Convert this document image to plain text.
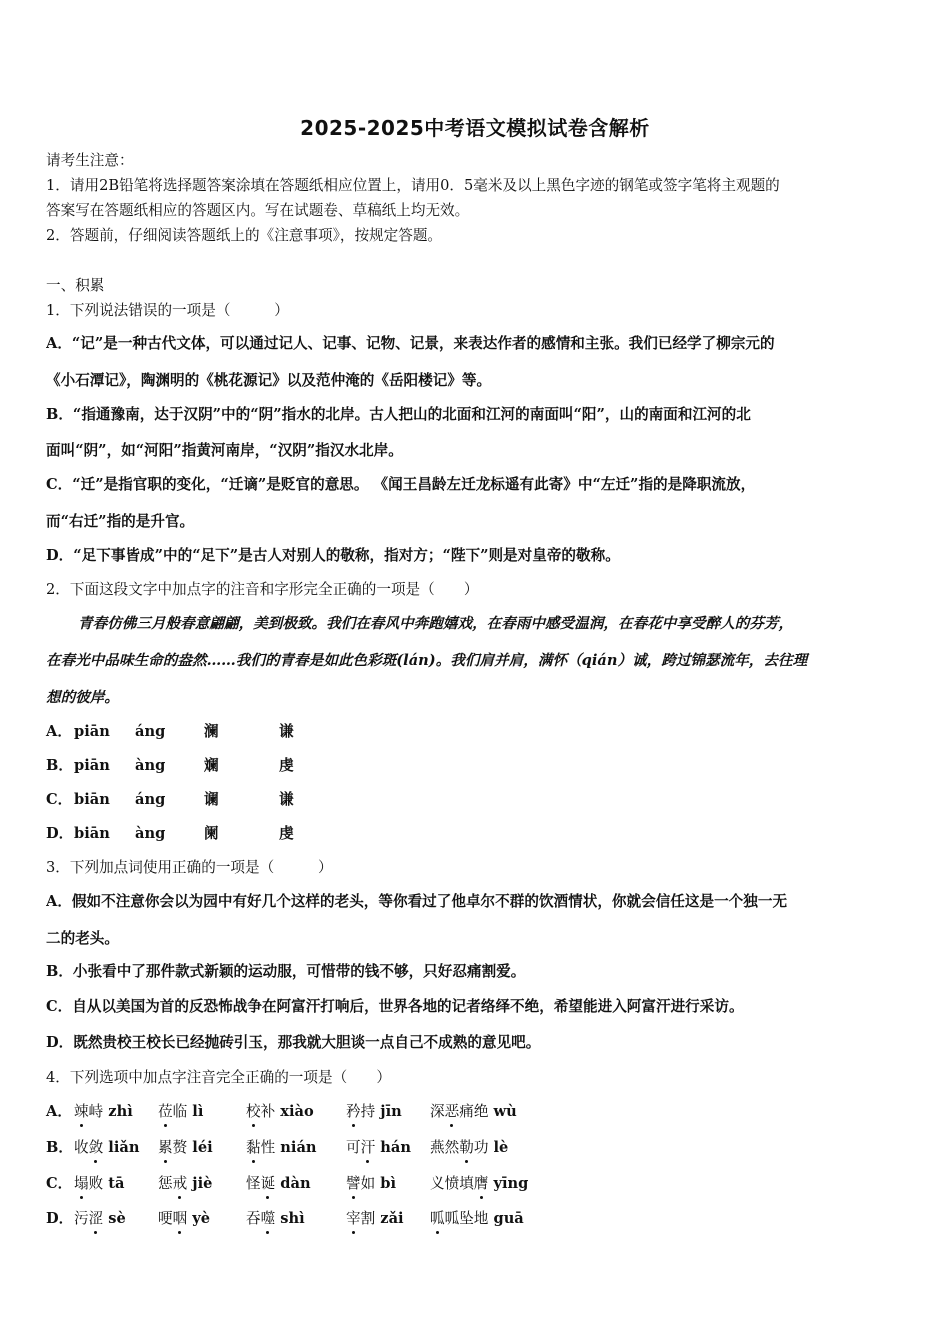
2025-2025中考语文模拟试卷含解析
请考生注意：
1．请用2B铅笔将选择题答案涂填在答题纸相应位置上，请用0．5毫米及以上黑色字迹的钢笔或签字笔将主观题的
答案写在答题纸相应的答题区内。写在试题卷、草稿纸上均无效。
2．答题前，仔细阅读答题纸上的《注意事项》，按规定答题。
一、积累
1．下列说法错误的一项是（　　　）
A．“记”是一种古代文体，可以通过记人、记事、记物、记景，来表达作者的感情和主张。我们已经学了柳宗元的
《小石潭记》，陶渊明的《桃花源记》以及范仲淹的《岳阳楼记》等。
B．“指通豫南，达于汉阴”中的“阴”指水的北岸。古人把山的北面和江河的南面叫“阳”，山的南面和江河的北
面叫“阴”，如“河阳”指黄河南岸，“汉阴”指汉水北岸。
C．“迁”是指官职的变化，“迁谪”是贬官的意思。 《闻王昌龄左迁龙标遥有此寄》中“左迁”指的是降职流放，
而“右迁”指的是升官。
D．“足下事皆成”中的“足下”是古人对别人的敬称，指对方；“陛下”则是对皇帝的敬称。
2．下面这段文字中加点字的注音和字形完全正确的一项是（　　）
青春仿佛三月般春意翩翩，美到极致。我们在春风中奔跑嬉戏，在春雨中感受温润，在春花中享受醉人的芬芳，
在春光中品味生命的盎然……我们的青春是如此色彩斑(lán)。我们肩并肩，满怀（qián）诚，跨过锦瑟流年，去往理
想的彼岸。
A． piān áng	澜	谦
B． piān àng	斓	虔
C． biān áng	谰	谦
D． biān àng	阑	虔
3．下列加点词使用正确的一项是（　　　）
A．假如不注意你会以为园中有好几个这样的老头，等你看过了他卓尔不群的饮酒情状，你就会信任这是一个独一无
二的老头。
B．小张看中了那件款式新颖的运动服，可惜带的钱不够，只好忍痛割爱。
C．自从以美国为首的反恐怖战争在阿富汗打响后，世界各地的记者络绎不绝，希望能进入阿富汗进行采访。
D．既然贵校王校长已经抛砖引玉，那我就大胆谈一点自己不成熟的意见吧。
4．下列选项中加点字注音完全正确的一项是（　　）
A． 竦峙 zhì 莅临 lì	校补 xiào 矜持 jīn 深恶痛绝 wù
B． 收敛 liǎn 累赘 léi 黏性 nián 可汗 hán 燕然勒功 lè
C． 塌败 tā 惩戒 jiè 怪诞 dàn 譬如 bì 义愤填膺 yīng
D． 污涩 sè 哽咽 yè 吞噬 shì	宰割 zǎi 呱呱坠地 guā
